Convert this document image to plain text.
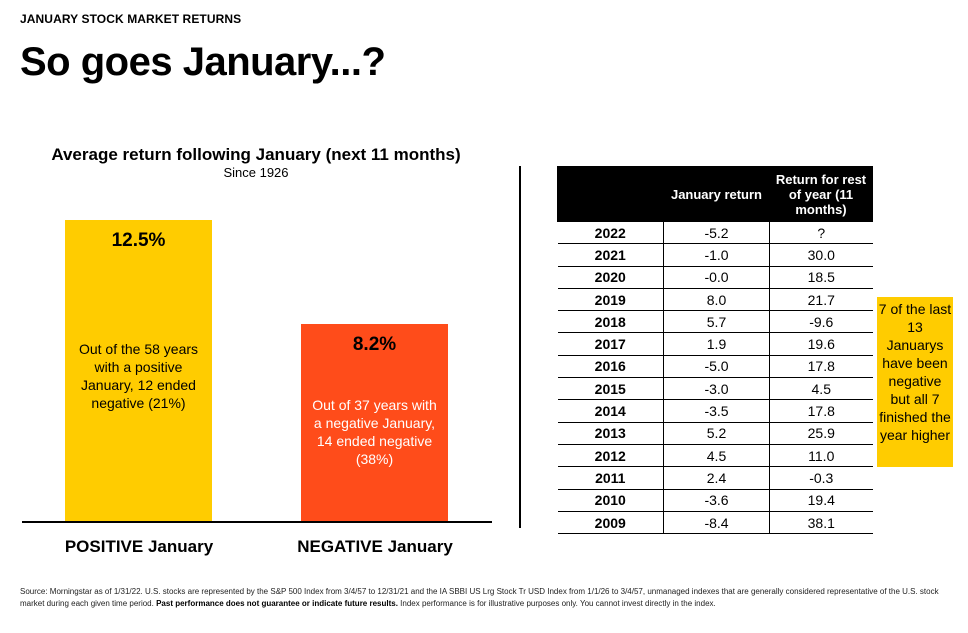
JANUARY STOCK MARKET RETURNS
So goes January...?
Average return following January (next 11 months)
Since 1926
12.5%
Out of the 58 years with a positive January, 12 ended negative (21%)
8.2%
Out of 37 years with a negative January, 14 ended negative (38%)
POSITIVE January	NEGATIVE January
	January return	Return for rest of year (11 months)
2022	-5.2	?
2021	-1.0	30.0
2020	-0.0	18.5
2019	8.0	21.7
2018	5.7	-9.6
2017	1.9	19.6
2016	-5.0	17.8
2015	-3.0	4.5
2014	-3.5	17.8
2013	5.2	25.9
2012	4.5	11.0
2011	2.4	-0.3
2010	-3.6	19.4
2009	-8.4	38.1
7 of the last 13 Januarys have been negative but all 7 finished the year higher
Source: Morningstar as of 1/31/22. U.S. stocks are represented by the S&P 500 Index from 3/4/57 to 12/31/21 and the IA SBBI US Lrg Stock Tr USD Index from 1/1/26 to 3/4/57, unmanaged indexes that are generally considered representative of the U.S. stock market during each given time period. Past performance does not guarantee or indicate future results. Index performance is for illustrative purposes only. You cannot invest directly in the index.
